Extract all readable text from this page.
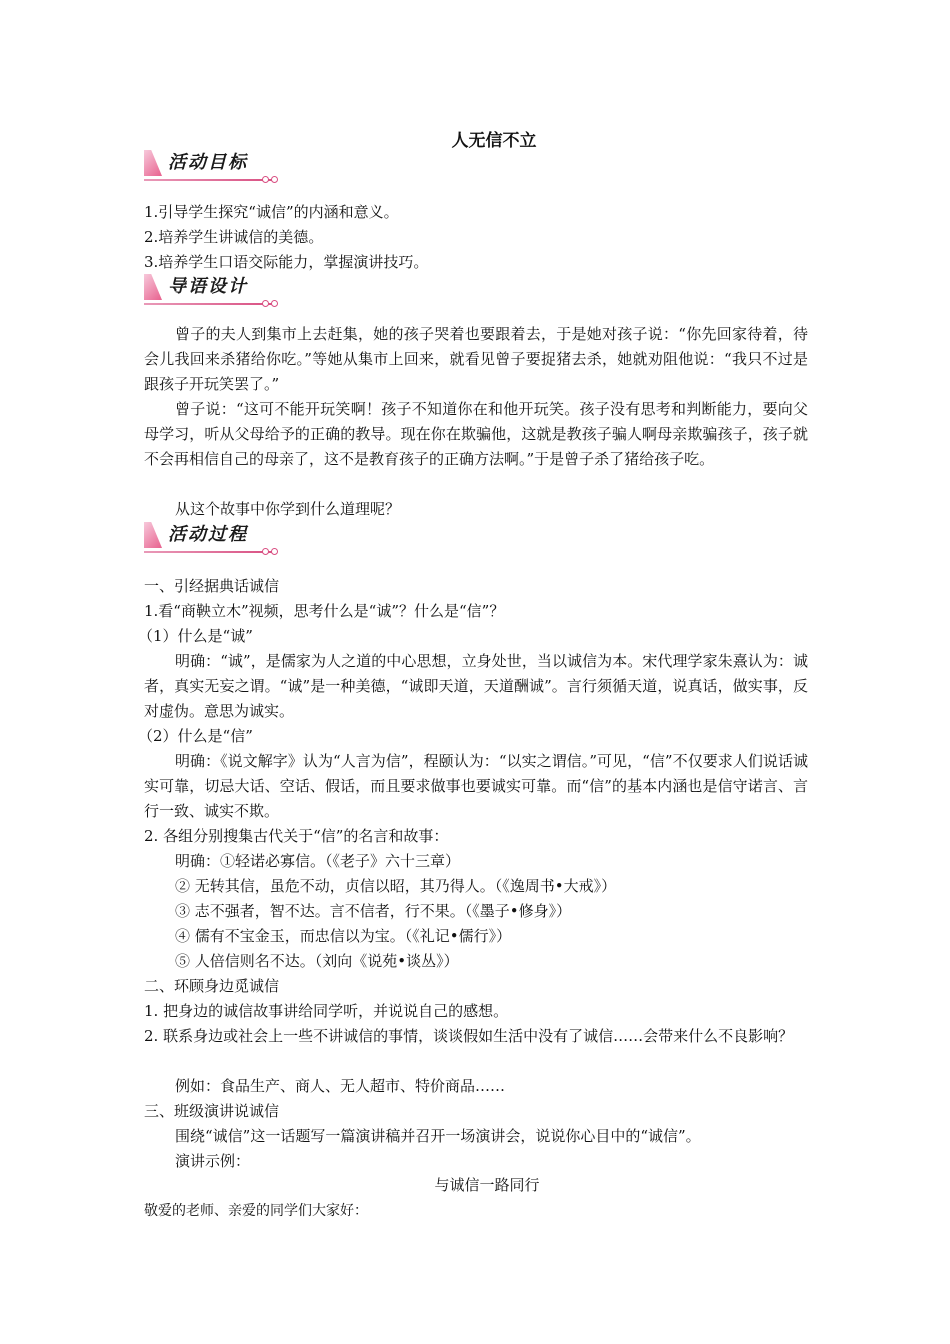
人无信不立
活动目标
1.引导学生探究“诚信”的内涵和意义。
2.培养学生讲诚信的美德。
3.培养学生口语交际能力，掌握演讲技巧。
导语设计
曾子的夫人到集市上去赶集，她的孩子哭着也要跟着去，于是她对孩子说：“你先回家待着，待会儿我回来杀猪给你吃。”等她从集市上回来，就看见曾子要捉猪去杀，她就劝阻他说：“我只不过是跟孩子开玩笑罢了。”
曾子说：“这可不能开玩笑啊！孩子不知道你在和他开玩笑。孩子没有思考和判断能力，要向父母学习，听从父母给予的正确的教导。现在你在欺骗他，这就是教孩子骗人啊母亲欺骗孩子，孩子就不会再相信自己的母亲了，这不是教育孩子的正确方法啊。”于是曾子杀了猪给孩子吃。
从这个故事中你学到什么道理呢？
活动过程
一、引经据典话诚信
1.看“商鞅立木”视频，思考什么是“诚”？什么是“信”？
（1）什么是“诚”
明确：“诚”，是儒家为人之道的中心思想，立身处世，当以诚信为本。宋代理学家朱熹认为：诚者，真实无妄之谓。“诚”是一种美德，“诚即天道，天道酬诚”。言行须循天道，说真话，做实事，反对虚伪。意思为诚实。
（2）什么是“信”
明确：《说文解字》认为“人言为信”，程颐认为：“以实之谓信。”可见，“信”不仅要求人们说话诚实可靠，切忌大话、空话、假话，而且要求做事也要诚实可靠。而“信”的基本内涵也是信守诺言、言行一致、诚实不欺。
2. 各组分别搜集古代关于“信”的名言和故事：
明确：①轻诺必寡信。（《老子》六十三章）
② 无转其信，虽危不动，贞信以昭，其乃得人。（《逸周书•大戒》）
③ 志不强者，智不达。言不信者，行不果。（《墨子•修身》）
④ 儒有不宝金玉，而忠信以为宝。（《礼记•儒行》）
⑤ 人倍信则名不达。（刘向《说苑•谈丛》）
二、环顾身边觅诚信
1. 把身边的诚信故事讲给同学听，并说说自己的感想。
2. 联系身边或社会上一些不讲诚信的事情，谈谈假如生活中没有了诚信……会带来什么不良影响？
例如：食品生产、商人、无人超市、特价商品……
三、班级演讲说诚信
围绕“诚信”这一话题写一篇演讲稿并召开一场演讲会，说说你心目中的“诚信”。
演讲示例：
与诚信一路同行
敬爱的老师、亲爱的同学们大家好：
